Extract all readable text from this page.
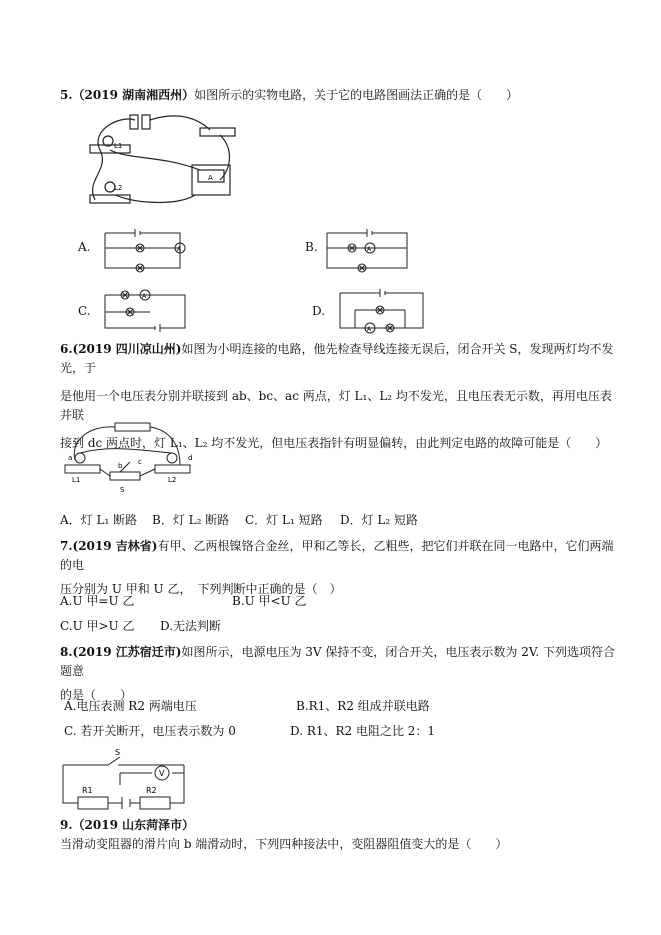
5.（2019 湖南湘西州）如图所示的实物电路，关于它的电路图画法正确的是（　　）
L1
L2
A
A.	A	B.	A
C.
A
D.
A
6.(2019 四川凉山州)如图为小明连接的电路，他先检查导线连接无误后，闭合开关 S，发现两灯均不发光，于
是他用一个电压表分别并联接到 ab、bc、ac 两点，灯 L₁、L₂ 均不发光，且电压表无示数，再用电压表并联
接到 dc 两点时，灯 L₁、L₂ 均不发光，但电压表指针有明显偏转，由此判定电路的故障可能是（　　）
a
b c	d
L1
S
L2
A．灯 L₁ 断路 B．灯 L₂ 断路 C．灯 L₁ 短路 D．灯 L₂ 短路
7.(2019 吉林省)有甲、乙两根镍铬合金丝，甲和乙等长，乙粗些，把它们并联在同一电路中，它们两端的电
压分别为 U 甲和 U 乙，　下列判断中正确的是（　）
A.U 甲=U 乙	B.U 甲<U 乙
C.U 甲>U 乙 D.无法判断
8.(2019 江苏宿迁市)如图所示，电源电压为 3V 保持不变，闭合开关，电压表示数为 2V. 下列选项符合题意
的是（　　）
A.电压表测 R2 两端电压	B.R1、R2 组成并联电路
C. 若开关断开，电压表示数为 0	D. R1、R2 电阻之比 2：1
S
V
R1	R2
9.（2019 山东菏泽市）当滑动变阻器的滑片向 b 端滑动时，下列四种接法中，变阻器阻值变大的是（　　）
